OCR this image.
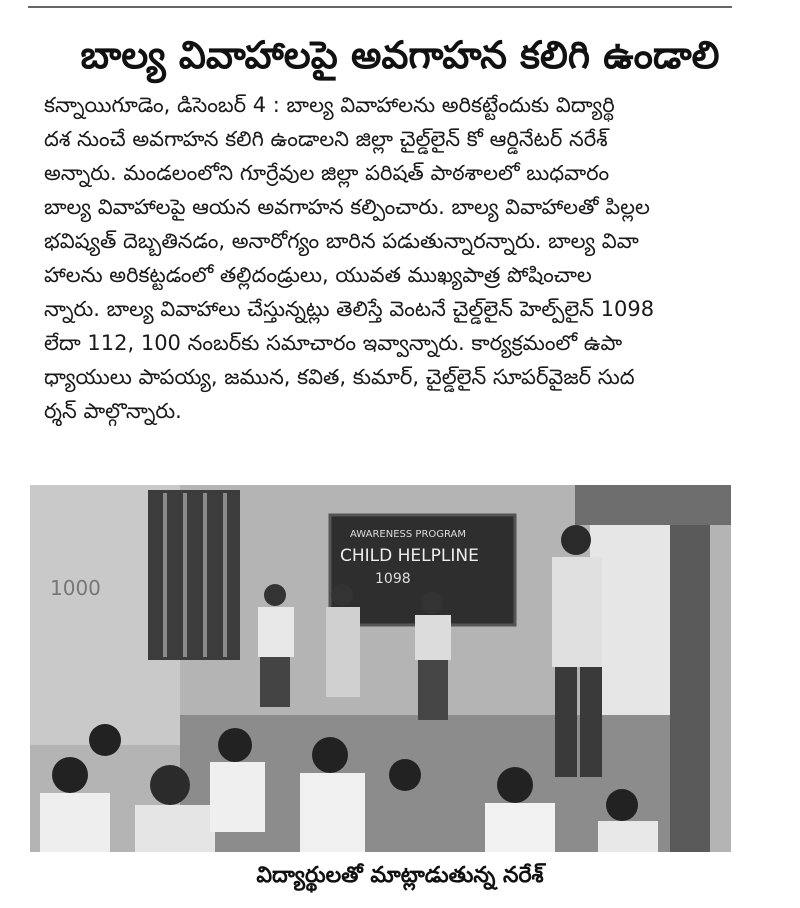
బాల్య వివాహాలపై అవగాహన కలిగి ఉండాలి
కన్నాయిగూడెం, డిసెంబర్ 4 : బాల్య వివాహాలను అరికట్టేందుకు విద్యార్థి
దశ నుంచే అవగాహన కలిగి ఉండాలని జిల్లా చైల్డ్‌లైన్ కో ఆర్డినేటర్ నరేశ్
అన్నారు. మండలంలోని గూర్రేవుల జిల్లా పరిషత్ పాఠశాలలో బుధవారం
బాల్య వివాహాలపై ఆయన అవగాహన కల్పించారు. బాల్య వివాహాలతో పిల్లల
భవిష్యత్ దెబ్బతినడం, అనారోగ్యం బారిన పడుతున్నారన్నారు. బాల్య వివా
హాలను అరికట్టడంలో తల్లిదండ్రులు, యువత ముఖ్యపాత్ర పోషించాల
న్నారు. బాల్య వివాహాలు చేస్తున్నట్లు తెలిస్తే వెంటనే చైల్డ్‌లైన్ హెల్ప్‌లైన్ 1098
లేదా 112, 100 నంబర్‌కు సమాచారం ఇవ్వాన్నారు. కార్యక్రమంలో ఉపా
ధ్యాయులు పాపయ్య, జమున, కవిత, కుమార్, చైల్డ్‌లైన్ సూపర్‌వైజర్ సుద
ర్శన్ పాల్గొన్నారు.
1000
AWARENESS PROGRAM
CHILD HELPLINE
1098
విద్యార్థులతో మాట్లాడుతున్న నరేశ్
